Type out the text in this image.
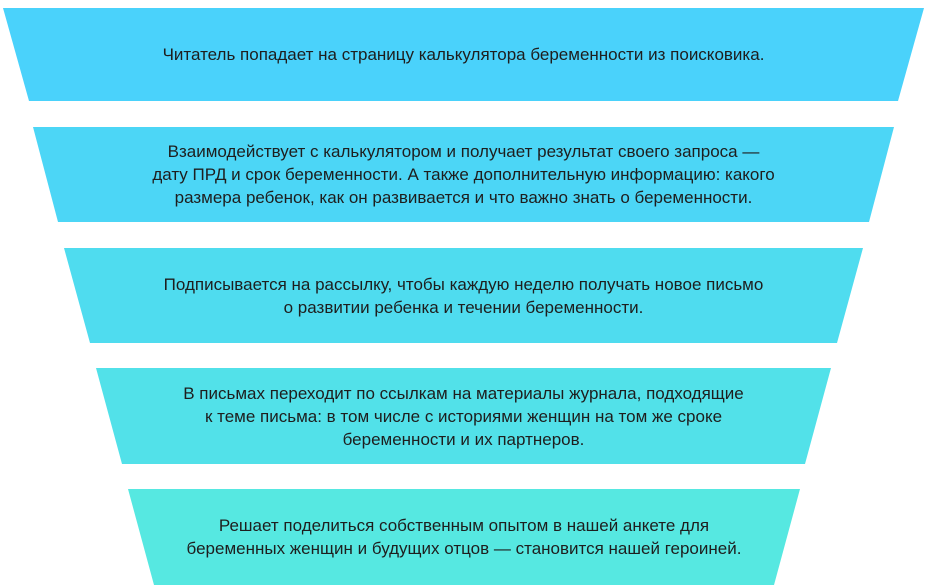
Читатель попадает на страницу калькулятора беременности из поисковика.
Взаимодействует с калькулятором и получает результат своего запроса —
дату ПРД и срок беременности. А также дополнительную информацию: какого
размера ребенок, как он развивается и что важно знать о беременности.
Подписывается на рассылку, чтобы каждую неделю получать новое письмо
о развитии ребенка и течении беременности.
В письмах переходит по ссылкам на материалы журнала, подходящие
к теме письма: в том числе с историями женщин на том же сроке
беременности и их партнеров.
Решает поделиться собственным опытом в нашей анкете для
беременных женщин и будущих отцов — становится нашей героиней.
